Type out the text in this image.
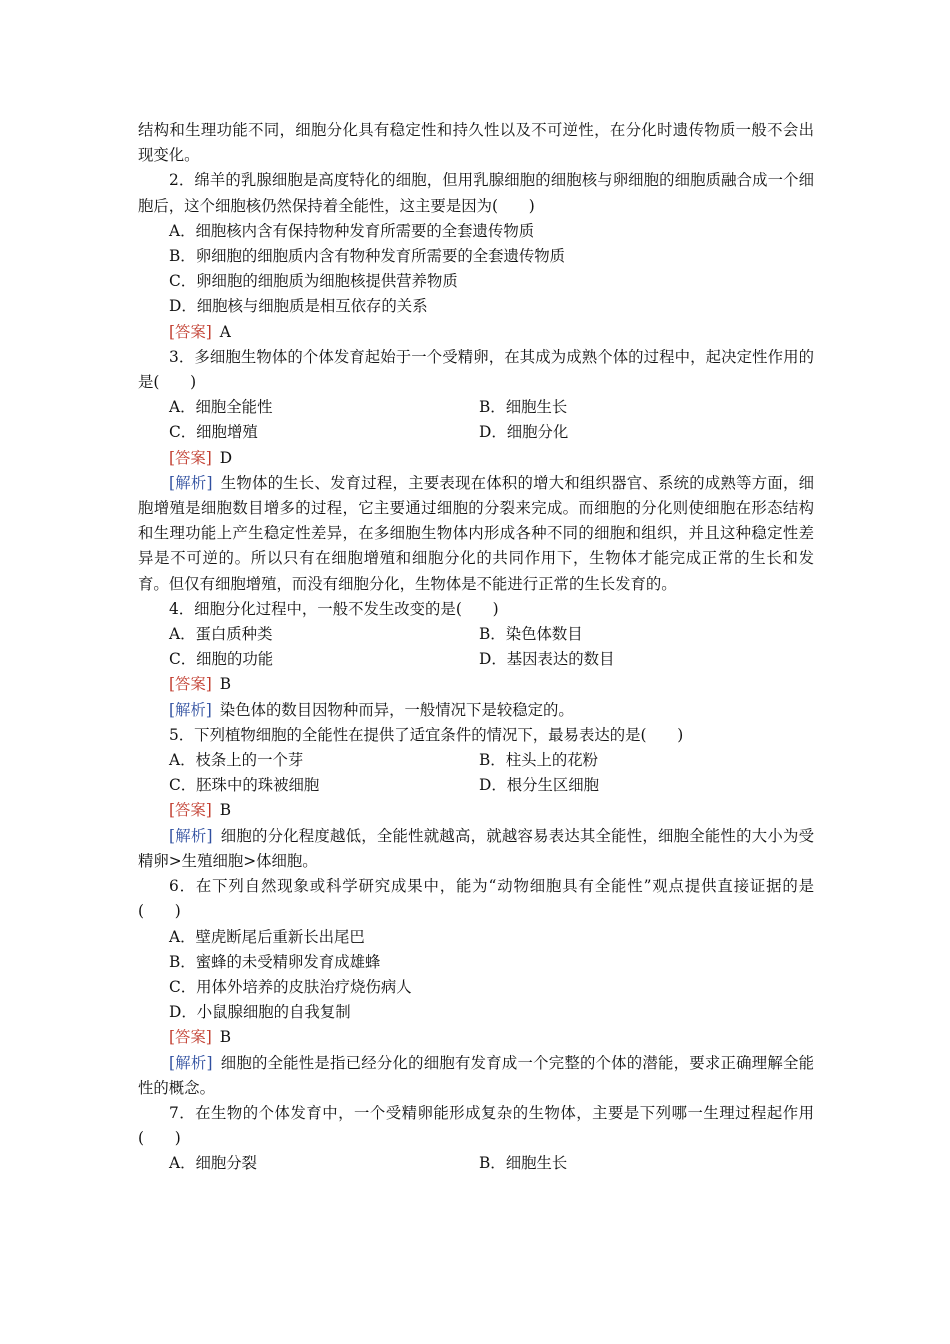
结构和生理功能不同，细胞分化具有稳定性和持久性以及不可逆性，在分化时遗传物质一般不会出现变化。

2．绵羊的乳腺细胞是高度特化的细胞，但用乳腺细胞的细胞核与卵细胞的细胞质融合成一个细胞后，这个细胞核仍然保持着全能性，这主要是因为(　　)

A．细胞核内含有保持物种发育所需要的全套遗传物质

B．卵细胞的细胞质内含有物种发育所需要的全套遗传物质

C．卵细胞的细胞质为细胞核提供营养物质

D．细胞核与细胞质是相互依存的关系

[答案] A

3．多细胞生物体的个体发育起始于一个受精卵，在其成为成熟个体的过程中，起决定性作用的是(　　)

A．细胞全能性	B．细胞生长
C．细胞增殖	D．细胞分化

[答案] D

[解析] 生物体的生长、发育过程，主要表现在体积的增大和组织器官、系统的成熟等方面，细胞增殖是细胞数目增多的过程，它主要通过细胞的分裂来完成。而细胞的分化则使细胞在形态结构和生理功能上产生稳定性差异，在多细胞生物体内形成各种不同的细胞和组织，并且这种稳定性差异是不可逆的。所以只有在细胞增殖和细胞分化的共同作用下，生物体才能完成正常的生长和发育。但仅有细胞增殖，而没有细胞分化，生物体是不能进行正常的生长发育的。

4．细胞分化过程中，一般不发生改变的是(　　)

A．蛋白质种类	B．染色体数目
C．细胞的功能	D．基因表达的数目

[答案] B

[解析] 染色体的数目因物种而异，一般情况下是较稳定的。

5．下列植物细胞的全能性在提供了适宜条件的情况下，最易表达的是(　　)

A．枝条上的一个芽	B．柱头上的花粉
C．胚珠中的珠被细胞	D．根分生区细胞

[答案] B

[解析] 细胞的分化程度越低，全能性就越高，就越容易表达其全能性，细胞全能性的大小为受精卵>生殖细胞>体细胞。

6．在下列自然现象或科学研究成果中，能为“动物细胞具有全能性”观点提供直接证据的是(　　)

A．壁虎断尾后重新长出尾巴

B．蜜蜂的未受精卵发育成雄蜂

C．用体外培养的皮肤治疗烧伤病人

D．小鼠腺细胞的自我复制

[答案] B

[解析] 细胞的全能性是指已经分化的细胞有发育成一个完整的个体的潜能，要求正确理解全能性的概念。

7．在生物的个体发育中，一个受精卵能形成复杂的生物体，主要是下列哪一生理过程起作用(　　)

A．细胞分裂	B．细胞生长
